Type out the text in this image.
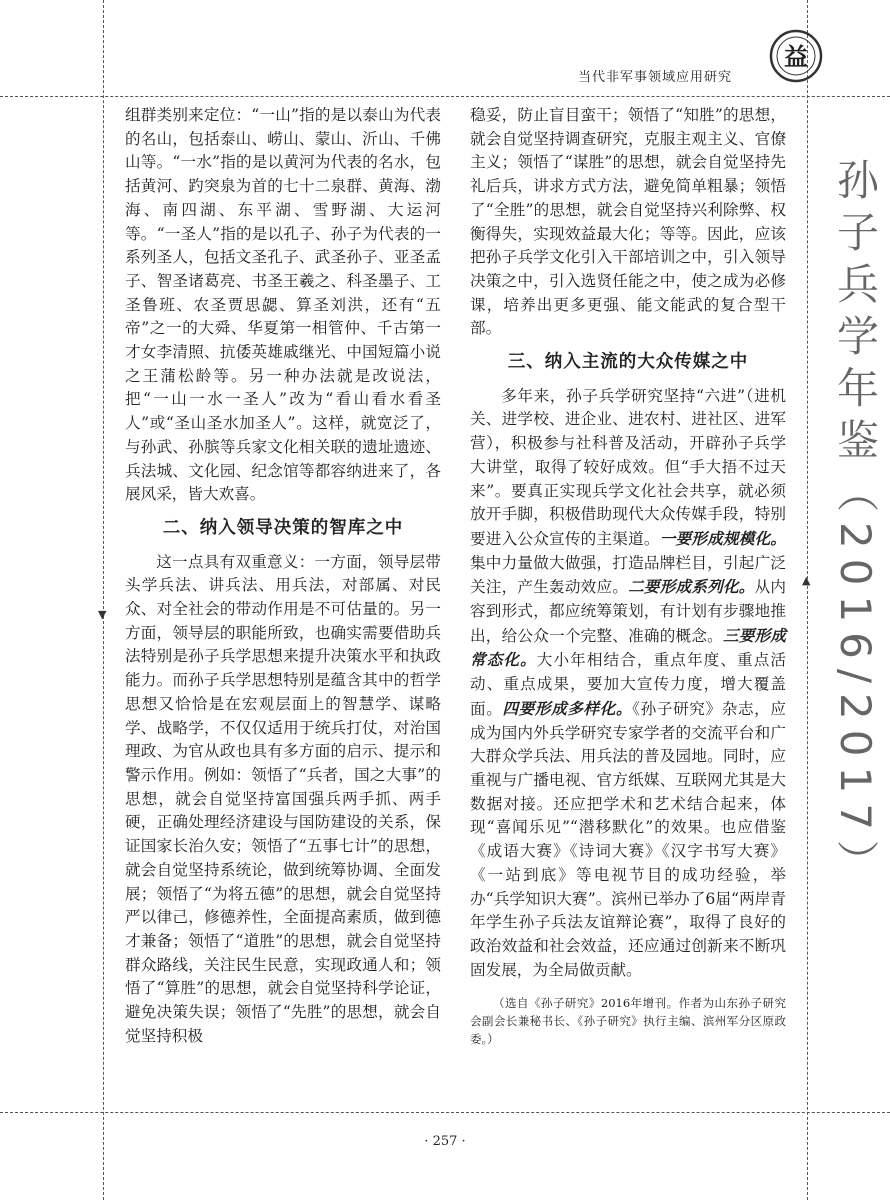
▼
▲
当代非军事领域应用研究
益
孙子兵学年鉴（2016/2017）

组群类别来定位：“一山”指的是以泰山为代表的名山，包括泰山、崂山、蒙山、沂山、千佛山等。“一水”指的是以黄河为代表的名水，包括黄河、趵突泉为首的七十二泉群、黄海、渤海、南四湖、东平湖、雪野湖、大运河等。“一圣人”指的是以孔子、孙子为代表的一系列圣人，包括文圣孔子、武圣孙子、亚圣孟子、智圣诸葛亮、书圣王羲之、科圣墨子、工圣鲁班、农圣贾思勰、算圣刘洪，还有“五帝”之一的大舜、华夏第一相管仲、千古第一才女李清照、抗倭英雄戚继光、中国短篇小说之王蒲松龄等。另一种办法就是改说法，把“一山一水一圣人”改为“看山看水看圣人”或“圣山圣水加圣人”。这样，就宽泛了，与孙武、孙膑等兵家文化相关联的遗址遗迹、兵法城、文化园、纪念馆等都容纳进来了，各展风采，皆大欢喜。

二、纳入领导决策的智库之中

这一点具有双重意义：一方面，领导层带头学兵法、讲兵法、用兵法，对部属、对民众、对全社会的带动作用是不可估量的。另一方面，领导层的职能所致，也确实需要借助兵法特别是孙子兵学思想来提升决策水平和执政能力。而孙子兵学思想特别是蕴含其中的哲学思想又恰恰是在宏观层面上的智慧学、谋略学、战略学，不仅仅适用于统兵打仗，对治国理政、为官从政也具有多方面的启示、提示和警示作用。例如：领悟了“兵者，国之大事”的思想，就会自觉坚持富国强兵两手抓、两手硬，正确处理经济建设与国防建设的关系，保证国家长治久安；领悟了“五事七计”的思想，就会自觉坚持系统论，做到统筹协调、全面发展；领悟了“为将五德”的思想，就会自觉坚持严以律己，修德养性，全面提高素质，做到德才兼备；领悟了“道胜”的思想，就会自觉坚持群众路线，关注民生民意，实现政通人和；领悟了“算胜”的思想，就会自觉坚持科学论证，避免决策失误；领悟了“先胜”的思想，就会自觉坚持积极

稳妥，防止盲目蛮干；领悟了“知胜”的思想，就会自觉坚持调查研究，克服主观主义、官僚主义；领悟了“谋胜”的思想，就会自觉坚持先礼后兵，讲求方式方法，避免简单粗暴；领悟了“全胜”的思想，就会自觉坚持兴利除弊、权衡得失，实现效益最大化；等等。因此，应该把孙子兵学文化引入干部培训之中，引入领导决策之中，引入选贤任能之中，使之成为必修课，培养出更多更强、能文能武的复合型干部。

三、纳入主流的大众传媒之中

多年来，孙子兵学研究坚持“六进”（进机关、进学校、进企业、进农村、进社区、进军营），积极参与社科普及活动，开辟孙子兵学大讲堂，取得了较好成效。但“手大捂不过天来”。要真正实现兵学文化社会共享，就必须放开手脚，积极借助现代大众传媒手段，特别要进入公众宣传的主渠道。一要形成规模化。集中力量做大做强，打造品牌栏目，引起广泛关注，产生轰动效应。二要形成系列化。从内容到形式，都应统筹策划，有计划有步骤地推出，给公众一个完整、准确的概念。三要形成常态化。大小年相结合，重点年度、重点活动、重点成果，要加大宣传力度，增大覆盖面。四要形成多样化。《孙子研究》杂志，应成为国内外兵学研究专家学者的交流平台和广大群众学兵法、用兵法的普及园地。同时，应重视与广播电视、官方纸媒、互联网尤其是大数据对接。还应把学术和艺术结合起来，体现“喜闻乐见”“潜移默化”的效果。也应借鉴《成语大赛》《诗词大赛》《汉字书写大赛》《一站到底》等电视节目的成功经验，举办“兵学知识大赛”。滨州已举办了6届“两岸青年学生孙子兵法友谊辩论赛”，取得了良好的政治效益和社会效益，还应通过创新来不断巩固发展，为全局做贡献。

（选自《孙子研究》2016年增刊。作者为山东孙子研究会副会长兼秘书长、《孙子研究》执行主编、滨州军分区原政委。）

· 257 ·
